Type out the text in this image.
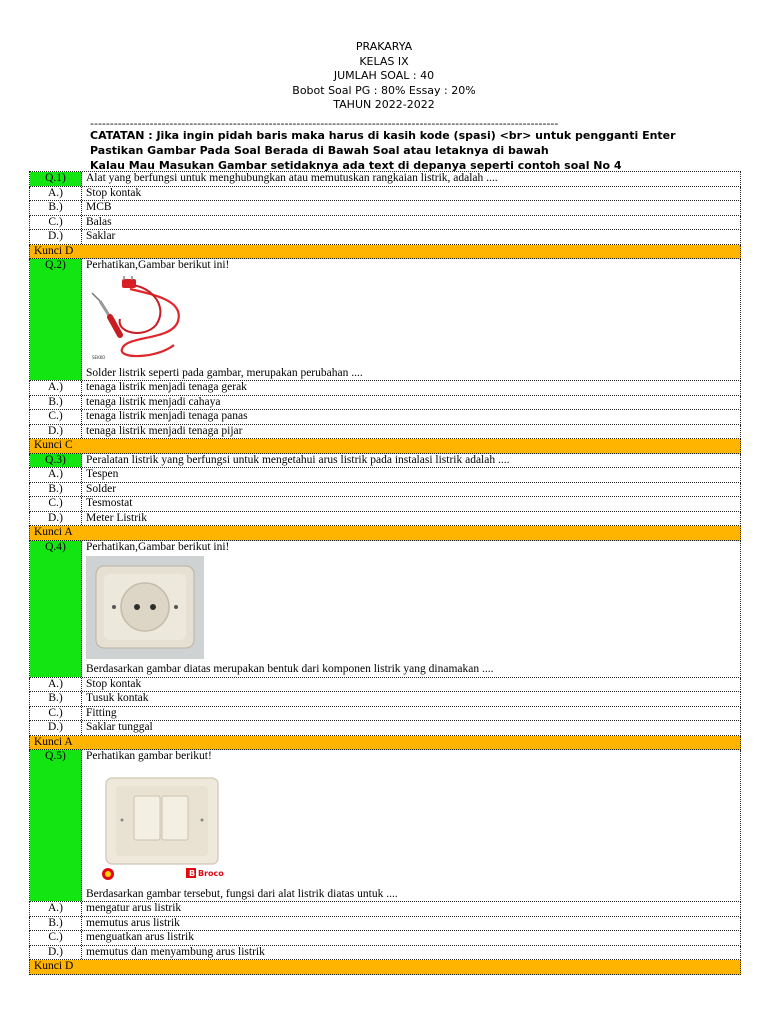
PRAKARYA
KELAS IX
JUMLAH SOAL : 40
Bobot Soal PG : 80% Essay : 20%
TAHUN 2022-2022
----------------------------------------------------------------------------------------------------------------------
CATATAN : Jika ingin pidah baris maka harus di kasih kode (spasi) <br> untuk pengganti Enter
Pastikan Gambar Pada Soal Berada di Bawah Soal atau letaknya di bawah
Kalau Mau Masukan Gambar setidaknya ada text di depanya seperti contoh soal No 4
Q.1)	Alat yang berfungsi untuk menghubungkan atau memutuskan rangkaian listrik, adalah ....
A.)	Stop kontak
B.)	MCB
C.)	Balas
D.)	Saklar
Kunci D
Q.2)	Perhatikan,Gambar berikut ini!
SEKKO
Solder listrik seperti pada gambar, merupakan perubahan ....
A.)	tenaga listrik menjadi tenaga gerak
B.)	tenaga listrik menjadi cahaya
C.)	tenaga listrik menjadi tenaga panas
D.)	tenaga listrik menjadi tenaga pijar
Kunci C
Q.3)	Peralatan listrik yang berfungsi untuk mengetahui arus listrik pada instalasi listrik adalah ....
A.)	Tespen
B.)	Solder
C.)	Tesmostat
D.)	Meter Listrik
Kunci A
Q.4)	Perhatikan,Gambar berikut ini!
Berdasarkan gambar diatas merupakan bentuk dari komponen listrik yang dinamakan ....
A.)	Stop kontak
B.)	Tusuk kontak
C.)	Fitting
D.)	Saklar tunggal
Kunci A
Q.5)	Perhatikan gambar berikut!
B Broco
Berdasarkan gambar tersebut, fungsi dari alat listrik diatas untuk ....
A.)	mengatur arus listrik
B.)	memutus arus listrik
C.)	menguatkan arus listrik
D.)	memutus dan menyambung arus listrik
Kunci D
